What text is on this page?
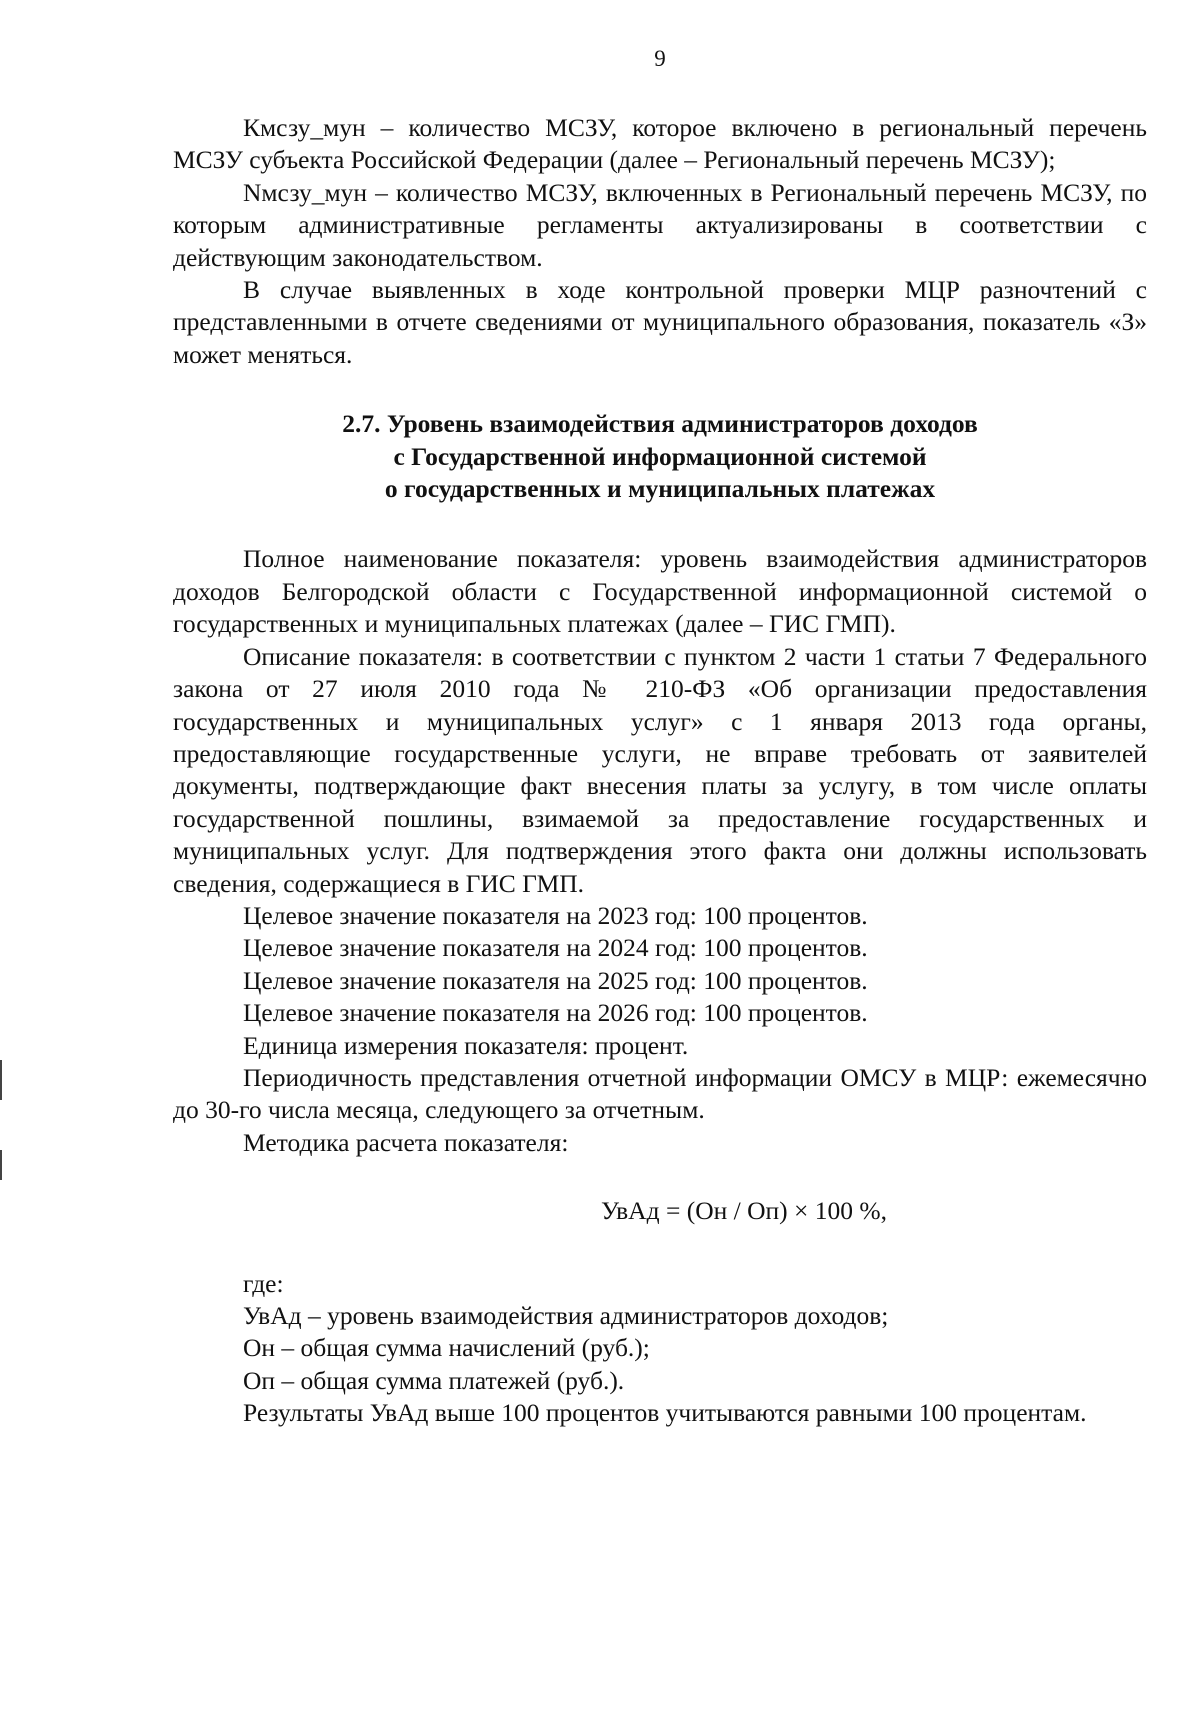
9

Кмсзу_мун – количество МСЗУ, которое включено в региональный перечень МСЗУ субъекта Российской Федерации (далее – Региональный перечень МСЗУ);

Nмсзу_мун – количество МСЗУ, включенных в Региональный перечень МСЗУ, по которым административные регламенты актуализированы в соответствии с действующим законодательством.

В случае выявленных в ходе контрольной проверки МЦР разночтений с представленными в отчете сведениями от муниципального образования, показатель «З» может меняться.

2.7. Уровень взаимодействия администраторов доходов
с Государственной информационной системой
о государственных и муниципальных платежах

Полное наименование показателя: уровень взаимодействия администраторов доходов Белгородской области с Государственной информационной системой о государственных и муниципальных платежах (далее – ГИС ГМП).

Описание показателя: в соответствии с пунктом 2 части 1 статьи 7 Федерального закона от 27 июля 2010 года № 210-ФЗ «Об организации предоставления государственных и муниципальных услуг» с 1 января 2013 года органы, предоставляющие государственные услуги, не вправе требовать от заявителей документы, подтверждающие факт внесения платы за услугу, в том числе оплаты государственной пошлины, взимаемой за предоставление государственных и муниципальных услуг. Для подтверждения этого факта они должны использовать сведения, содержащиеся в ГИС ГМП.

Целевое значение показателя на 2023 год: 100 процентов.

Целевое значение показателя на 2024 год: 100 процентов.

Целевое значение показателя на 2025 год: 100 процентов.

Целевое значение показателя на 2026 год: 100 процентов.

Единица измерения показателя: процент.

Периодичность представления отчетной информации ОМСУ в МЦР: ежемесячно до 30-го числа месяца, следующего за отчетным.

Методика расчета показателя:

УвАд = (Он / Оп) × 100 %,

где:

УвАд – уровень взаимодействия администраторов доходов;

Он – общая сумма начислений (руб.);

Оп – общая сумма платежей (руб.).

Результаты УвАд выше 100 процентов учитываются равными 100 процентам.
